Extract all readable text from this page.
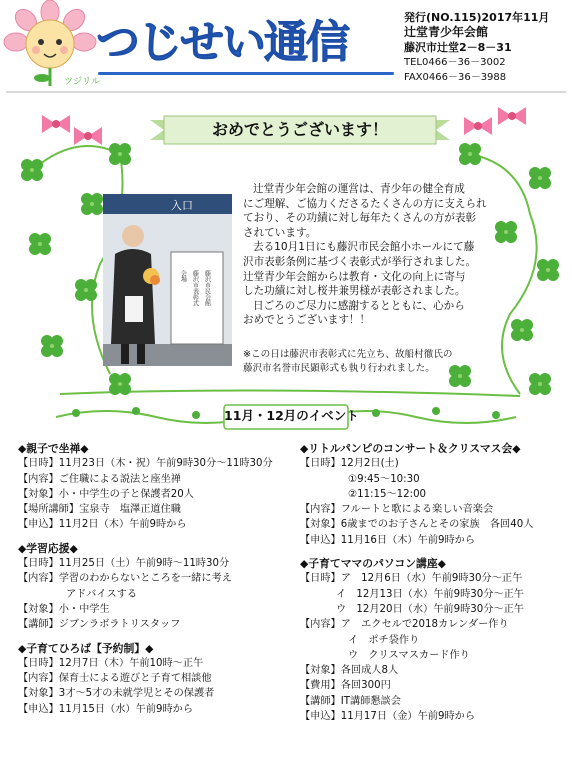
ツジリル
つじせい通信	発行(NO.115)2017年11月
辻堂青少年会館
藤沢市辻堂2－8－31
TEL0466－36－3002
FAX0466－36－3988
おめでとうございます！
入口
藤沢市民会館
藤沢市表彰式
会場

辻堂青少年会館の運営は、青少年の健全育成

にご理解、ご協力くださるたくさんの方に支えられ

ており、その功績に対し毎年たくさんの方が表彰

されています。

去る10月1日にも藤沢市民会館小ホールにて藤

沢市表彰条例に基づく表彰式が挙行されました。

辻堂青少年会館からは教育・文化の向上に寄与

した功績に対し桜井兼男様が表彰されました。

日ごろのご尽力に感謝するとともに、心から

おめでとうございます！！

※この日は藤沢市表彰式に先立ち、故船村徹氏の
藤沢市名誉市民顕彰式も執り行われました。
11月・12月のイベント
◆親子で坐禅◆
【日時】11月23日（木・祝）午前9時30分～11時30分
【内容】ご住職による説法と座坐禅
【対象】小・中学生の子と保護者20人
【場所講師】宝泉寺　塩澤正道住職
【申込】11月2日（木）午前9時から
◆学習応援◆
【日時】11月25日（土）午前9時～11時30分
【内容】学習のわからないところを一緒に考え
アドバイスする
【対象】小・中学生
【講師】ジブンラボラトリスタッフ
◆子育てひろば【予約制】◆
【日時】12月7日（木）午前10時～正午
【内容】保育士による遊びと子育て相談他
【対象】3才～5才の未就学児とその保護者
【申込】11月15日（水）午前9時から
◆リトルパンピのコンサート＆クリスマス会◆
【日時】12月2日(土)
①9:45～10:30
②11:15～12:00
【内容】フルートと歌による楽しい音楽会
【対象】6歳までのお子さんとその家族　各回40人
【申込】11月16日（木）午前9時から
◆子育てママのパソコン講座◆
【日時】ア　12月6日（水）午前9時30分～正午
イ　12月13日（水）午前9時30分～正午
ウ　12月20日（水）午前9時30分～正午
【内容】ア　エクセルで2018カレンダー作り
イ　ポチ袋作り
ウ　クリスマスカード作り
【対象】各回成人8人
【費用】各回300円
【講師】IT講師懇談会
【申込】11月17日（金）午前9時から
